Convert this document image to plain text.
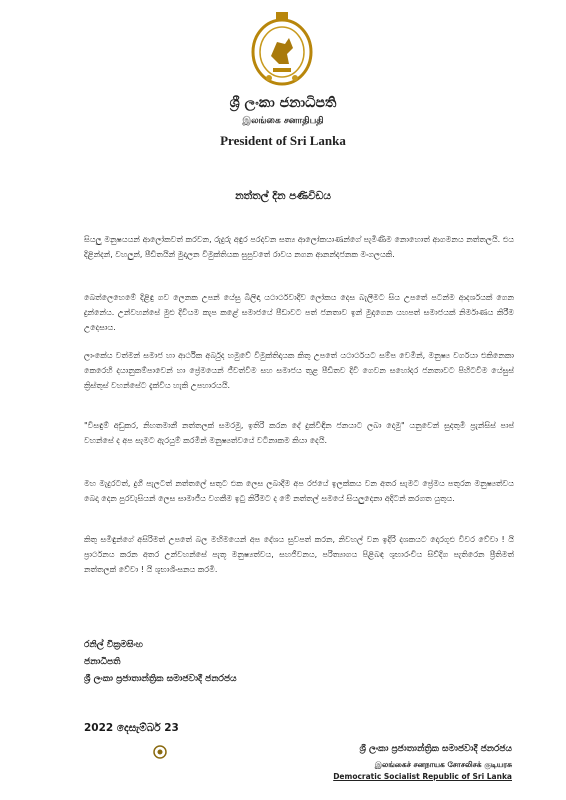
ශ්‍රී ලංකා ජනාධිපති
இலங்கை சனாதிபதி
President of Sri Lanka
නත්තල් දින පණිවිඩය

සියලු මනුෂයයන් ආලෝකවත් කරවන, රුදුරු අඳුර පරදවන සත්‍ය ආලෝකයාණන්ගේ පැමිණීම නොහොත් ආගමනය නත්තලයි. එය දිළින්දන්, වහලුන්, පීඩිතයින් මුදාලන විමුක්තියක සුපුවතේ රාවය නගන ආනන්දජනක මංගලයකි.

බෙත්ලෙහෙමේ දිළිඳු ගව ලෙනක උපන් යේසු බිලිඳා යථාර්ථවාදීව ලෝකය දෙස බැලීමට සිය උපතේ පටන්ම ආදර්ශයක් ගෙන දුන්නේය. උන්වහන්සේ මුළු දිවියම කැප කළේ සමාජයේ පීඩාවට පත් ජනතාව ඉන් මුදාගෙන යහපත් සමාජයක් නිර්මාණය කිරීම උදෙසාය.

ලාංකේය වත්මන් සමාජ හා ආර්ථික අර්බුද හමුවේ විමුක්තිදායක කිතු උපතේ යථාර්ථයට සම්ප වෙමින්, මනුෂ්‍ය වර්ගයා එකිනෙකා කෙරෙහි දයානුකම්පාවෙන් හා ප්‍රේමයෙන් ජීවත්වීම සහ සමාජය තුළ පීඩිතව දිවි ගෙවන සහෝදර ජනතාවට පිහිටවීම යේසුස් ක්‍රිස්තුස් වහන්සේට දැක්විය හැකි උපහාරයයි.

"විසඳුම් අඩුකර, නිහතමානී නත්තලක් සමරමු, ඉතිරි කරන දේ දුක්විඳින ජනයාට ලබා දෙමු" යනුවෙන් සුදතුමි ප්‍රැන්සිස් පාප් වහන්සේ ද අප සැමට ඇරයුම් කරමින් මනුෂ්‍යත්වයේ වටිනාකම කියා දෙයි.

මහ මැදුරටත්, දුගී පැලටත් නත්තලේ සතුට එක ලෙස ලබාදීම අප රජයේ ඉලක්කය වන අතර සැමට ප්‍රේමය පතුරන මනුෂ්‍යත්වය බෙදා දෙන පුරවැසියන් ලෙස සාමාජීය වගකීම ඉටු කිරීමට ද මේ නත්තල් සමයේ සියලුදෙනා අදිටන් කරගත යුතුය.

කිතු සමිඳුන්ගේ අසිරිමත් උපතේ බල මහිමයෙන් අප දේශය සුවපත් කරන, නිවහල් වන ඉදිරි දශකයට දොරගුළු විවර වේවා ! යි ප්‍රාර්ථනය කරන අතර උන්වහන්සේ පැතූ මනුෂ්‍යත්වය, සහජීවනය, පරිත්‍යාගය පිළිබඳ ශුභාරංචිය සිව්දිග පැතිරෙන ප්‍රීතිමත් නත්තලක් වේවා ! යි ශුභාශිංසනය කරමි.

රනිල් වික්‍රමසිංහ
ජනාධිපති
ශ්‍රී ලංකා ප්‍රජාතාන්ත්‍රික සමාජවාදී ජනරජය
2022 දෙසැම්බර් 23
ශ්‍රී ලංකා ප්‍රජාතාන්ත්‍රික සමාජවාදී ජනරජය
இலங்கைச் சனநாயக சோசலிசக் குடியரசு
Democratic Socialist Republic of Sri Lanka
